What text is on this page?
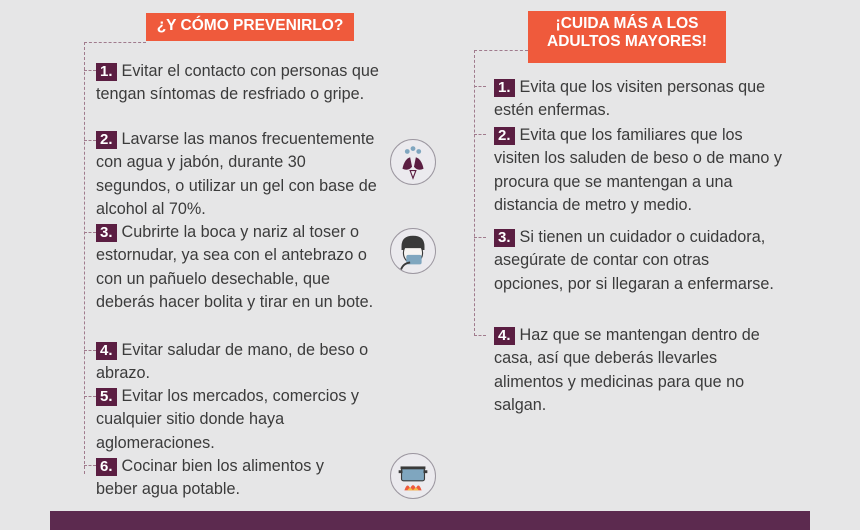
¿Y CÓMO PREVENIRLO?	¡CUIDA MÁS A LOS
ADULTOS MAYORES!
1. Evitar el contacto con personas que tengan síntomas de resfriado o gripe.
2. Lavarse las manos frecuentemente con agua y jabón, durante 30 segundos, o utilizar un gel con base de alcohol al 70%.
3. Cubrirte la boca y nariz al toser o estornudar, ya sea con el antebrazo o con un pañuelo desechable, que deberás hacer bolita y tirar en un bote.
4. Evitar saludar de mano, de beso o abrazo.
5. Evitar los mercados, comercios y cualquier sitio donde haya aglomeraciones.
6. Cocinar bien los alimentos y beber agua potable.
1. Evita que los visiten personas que estén enfermas.
2. Evita que los familiares que los visiten los saluden de beso o de mano y procura que se mantengan a una distancia de metro y medio.
3. Si tienen un cuidador o cuidadora, asegúrate de contar con otras opciones, por si llegaran a enfermarse.
4. Haz que se mantengan dentro de casa, así que deberás llevarles alimentos y medicinas para que no salgan.
